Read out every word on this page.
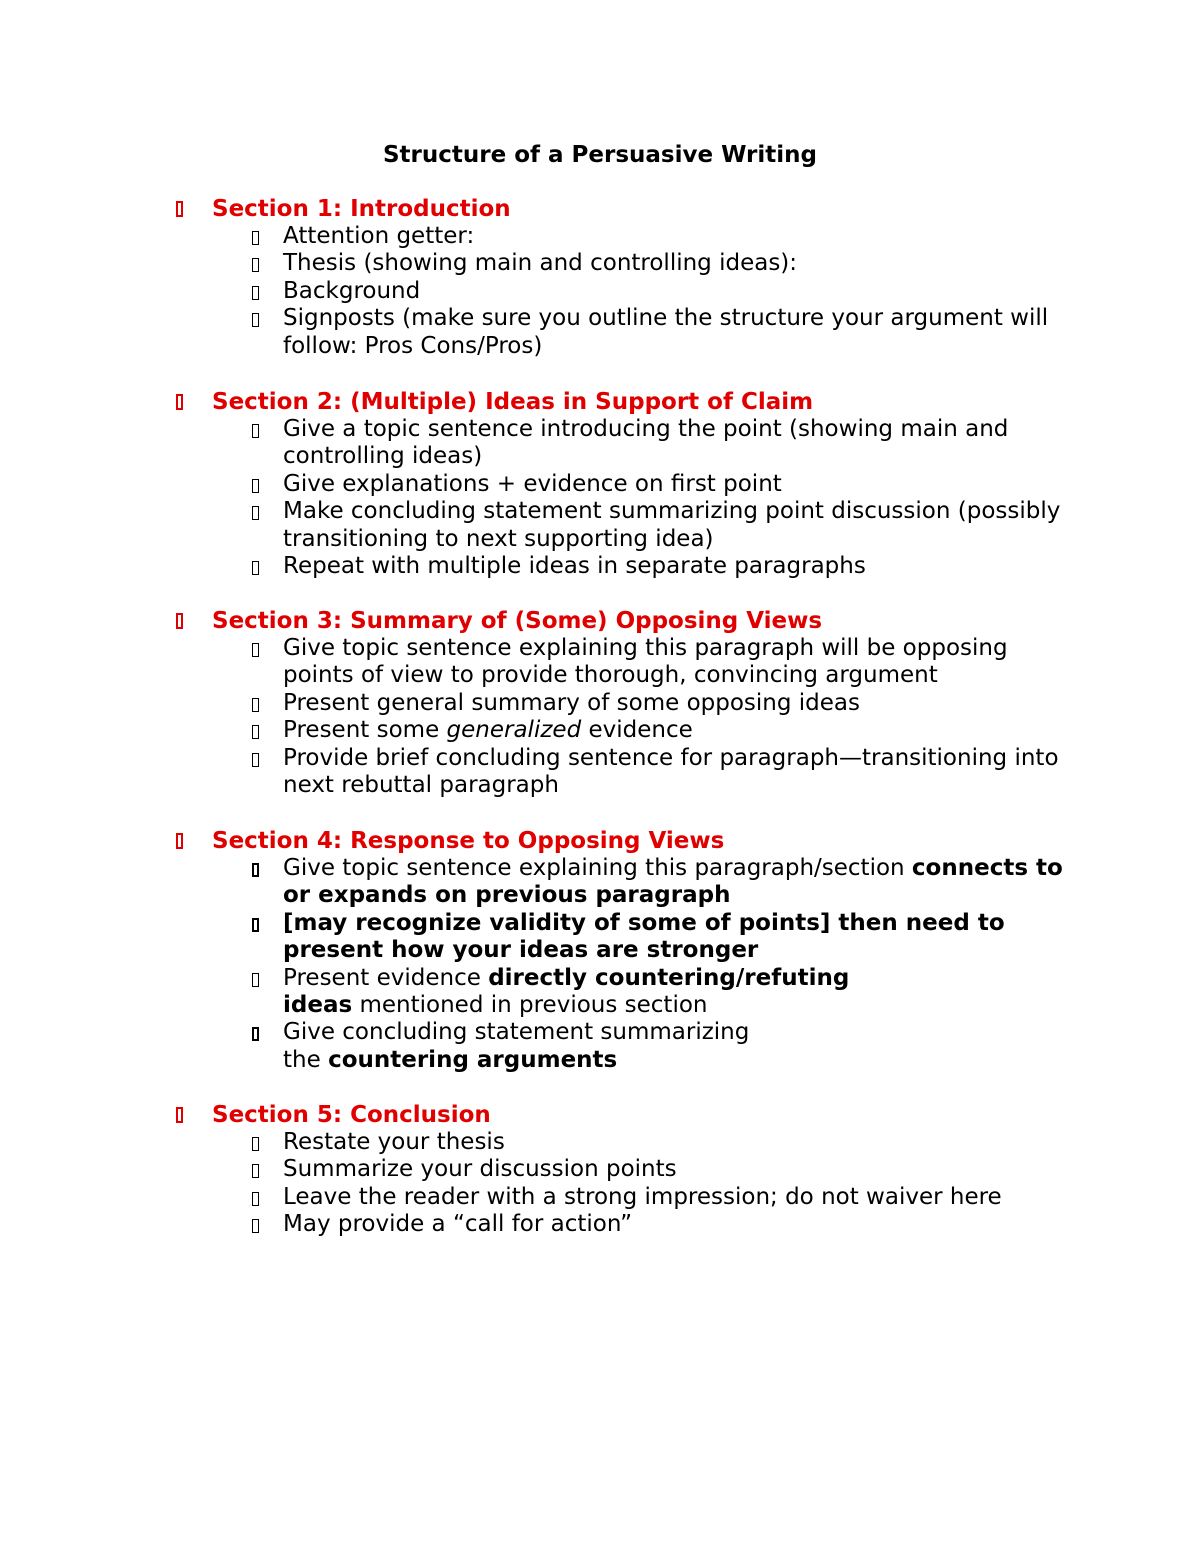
Structure of a Persuasive Writing
Section 1: Introduction
Attention getter:
Thesis (showing main and controlling ideas):
Background
Signposts (make sure you outline the structure your argument will follow: Pros Cons/Pros)
Section 2: (Multiple) Ideas in Support of Claim
Give a topic sentence introducing the point (showing main and controlling ideas)
Give explanations + evidence on first point
Make concluding statement summarizing point discussion (possibly transitioning to next supporting idea)
Repeat with multiple ideas in separate paragraphs
Section 3: Summary of (Some) Opposing Views
Give topic sentence explaining this paragraph will be opposing points of view to provide thorough, convincing argument
Present general summary of some opposing ideas
Present some generalized evidence
Provide brief concluding sentence for paragraph—transitioning into next rebuttal paragraph
Section 4: Response to Opposing Views
Give topic sentence explaining this paragraph/section connects to or expands on previous paragraph
[may recognize validity of some of points] then need to present how your ideas are stronger
Present evidence directly countering/refuting ideas mentioned in previous section
Give concluding statement summarizing the countering arguments
Section 5: Conclusion
Restate your thesis
Summarize your discussion points
Leave the reader with a strong impression; do not waiver here
May provide a “call for action”
